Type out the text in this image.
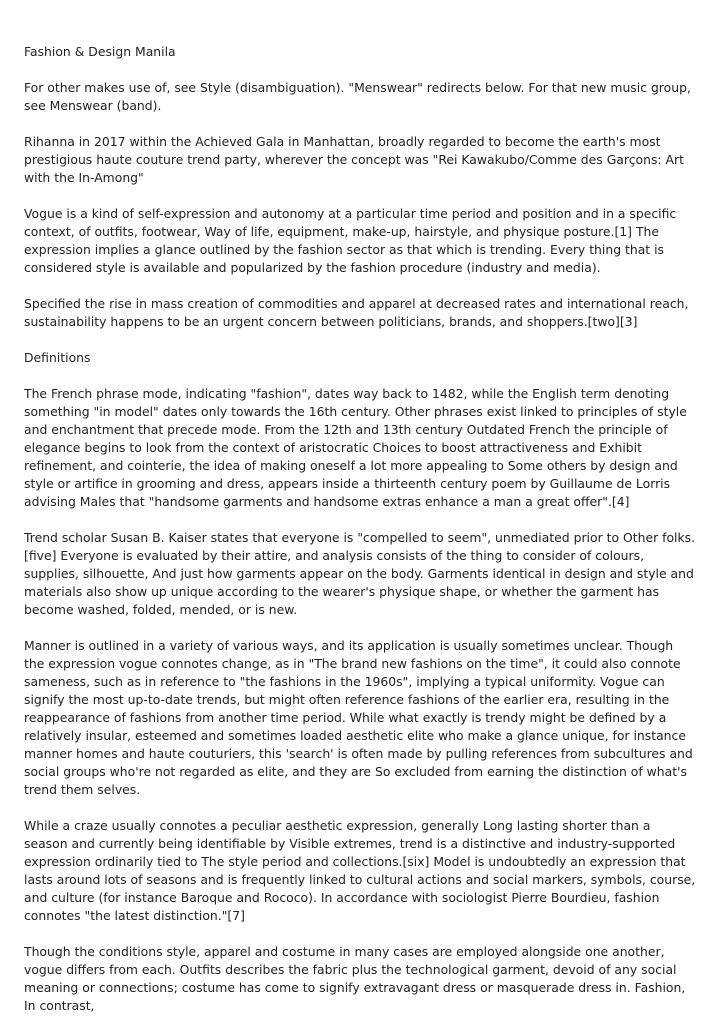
Fashion & Design Manila

For other makes use of, see Style (disambiguation). "Menswear" redirects below. For that new music group, see Menswear (band).

Rihanna in 2017 within the Achieved Gala in Manhattan, broadly regarded to become the earth's most prestigious haute couture trend party, wherever the concept was "Rei Kawakubo/Comme des Garçons: Art with the In-Among"

Vogue is a kind of self-expression and autonomy at a particular time period and position and in a specific context, of outfits, footwear, Way of life, equipment, make-up, hairstyle, and physique posture.[1] The expression implies a glance outlined by the fashion sector as that which is trending. Every thing that is considered style is available and popularized by the fashion procedure (industry and media).

Specified the rise in mass creation of commodities and apparel at decreased rates and international reach, sustainability happens to be an urgent concern between politicians, brands, and shoppers.[two][3]

Definitions

The French phrase mode, indicating "fashion", dates way back to 1482, while the English term denoting something "in model" dates only towards the 16th century. Other phrases exist linked to principles of style and enchantment that precede mode. From the 12th and 13th century Outdated French the principle of elegance begins to look from the context of aristocratic Choices to boost attractiveness and Exhibit refinement, and cointerie, the idea of making oneself a lot more appealing to Some others by design and style or artifice in grooming and dress, appears inside a thirteenth century poem by Guillaume de Lorris advising Males that "handsome garments and handsome extras enhance a man a great offer".[4]

Trend scholar Susan B. Kaiser states that everyone is "compelled to seem", unmediated prior to Other folks.[five] Everyone is evaluated by their attire, and analysis consists of the thing to consider of colours, supplies, silhouette, And just how garments appear on the body. Garments identical in design and style and materials also show up unique according to the wearer's physique shape, or whether the garment has become washed, folded, mended, or is new.

Manner is outlined in a variety of various ways, and its application is usually sometimes unclear. Though the expression vogue connotes change, as in "The brand new fashions on the time", it could also connote sameness, such as in reference to "the fashions in the 1960s", implying a typical uniformity. Vogue can signify the most up-to-date trends, but might often reference fashions of the earlier era, resulting in the reappearance of fashions from another time period. While what exactly is trendy might be defined by a relatively insular, esteemed and sometimes loaded aesthetic elite who make a glance unique, for instance manner homes and haute couturiers, this 'search' is often made by pulling references from subcultures and social groups who're not regarded as elite, and they are So excluded from earning the distinction of what's trend them selves.

While a craze usually connotes a peculiar aesthetic expression, generally Long lasting shorter than a season and currently being identifiable by Visible extremes, trend is a distinctive and industry-supported expression ordinarily tied to The style period and collections.[six] Model is undoubtedly an expression that lasts around lots of seasons and is frequently linked to cultural actions and social markers, symbols, course, and culture (for instance Baroque and Rococo). In accordance with sociologist Pierre Bourdieu, fashion connotes "the latest distinction."[7]

Though the conditions style, apparel and costume in many cases are employed alongside one another, vogue differs from each. Outfits describes the fabric plus the technological garment, devoid of any social meaning or connections; costume has come to signify extravagant dress or masquerade dress in. Fashion, In contrast,
